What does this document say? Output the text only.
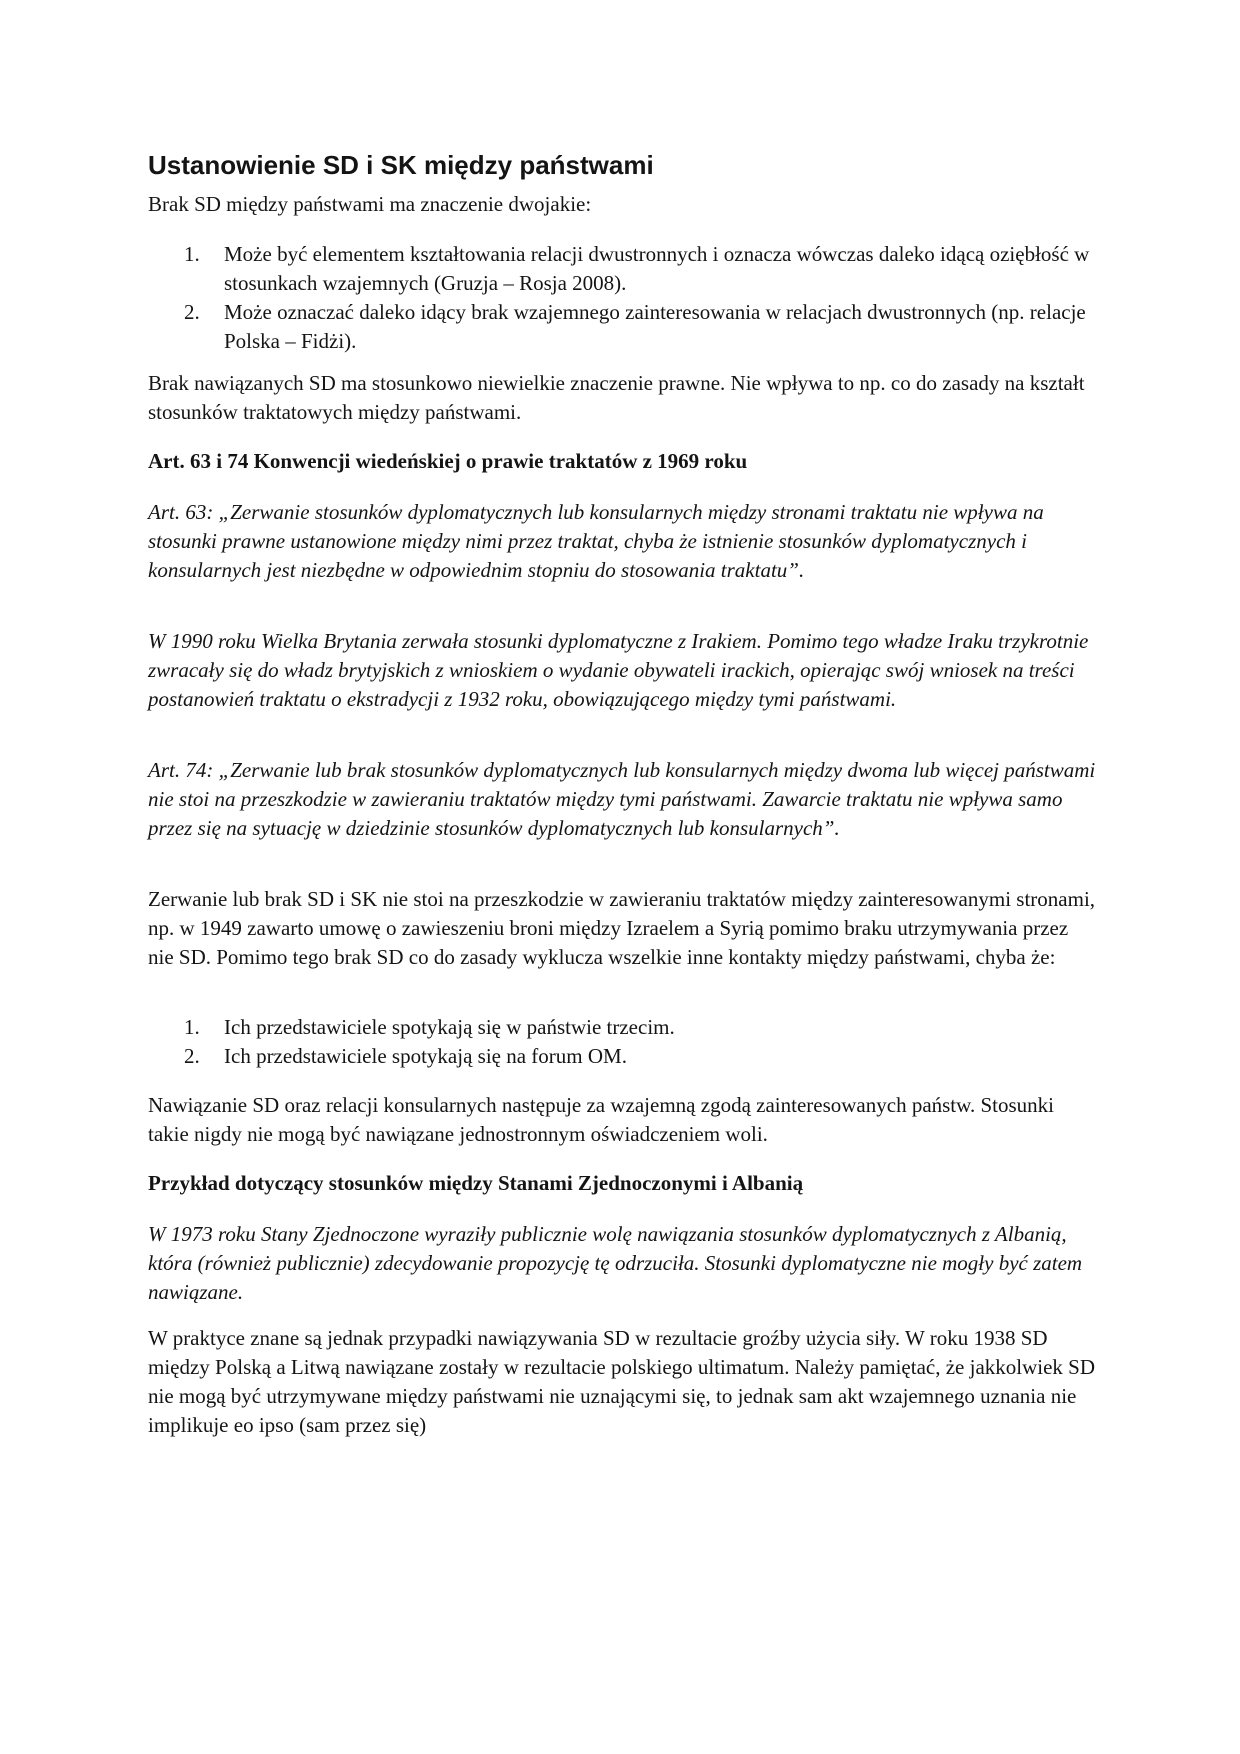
Ustanowienie SD i SK między państwami

Brak SD między państwami ma znaczenie dwojakie:

1. Może być elementem kształtowania relacji dwustronnych i oznacza wówczas daleko idącą oziębłość w stosunkach wzajemnych (Gruzja – Rosja 2008).
2. Może oznaczać daleko idący brak wzajemnego zainteresowania w relacjach dwustronnych (np. relacje Polska – Fidżi).

Brak nawiązanych SD ma stosunkowo niewielkie znaczenie prawne. Nie wpływa to np. co do zasady na kształt stosunków traktatowych między państwami.

Art. 63 i 74 Konwencji wiedeńskiej o prawie traktatów z 1969 roku

Art. 63: „Zerwanie stosunków dyplomatycznych lub konsularnych między stronami traktatu nie wpływa na stosunki prawne ustanowione między nimi przez traktat, chyba że istnienie stosunków dyplomatycznych i konsularnych jest niezbędne w odpowiednim stopniu do stosowania traktatu”.

W 1990 roku Wielka Brytania zerwała stosunki dyplomatyczne z Irakiem. Pomimo tego władze Iraku trzykrotnie zwracały się do władz brytyjskich z wnioskiem o wydanie obywateli irackich, opierając swój wniosek na treści postanowień traktatu o ekstradycji z 1932 roku, obowiązującego między tymi państwami.

Art. 74: „Zerwanie lub brak stosunków dyplomatycznych lub konsularnych między dwoma lub więcej państwami nie stoi na przeszkodzie w zawieraniu traktatów między tymi państwami. Zawarcie traktatu nie wpływa samo przez się na sytuację w dziedzinie stosunków dyplomatycznych lub konsularnych”.

Zerwanie lub brak SD i SK nie stoi na przeszkodzie w zawieraniu traktatów między zainteresowanymi stronami, np. w 1949 zawarto umowę o zawieszeniu broni między Izraelem a Syrią pomimo braku utrzymywania przez nie SD. Pomimo tego brak SD co do zasady wyklucza wszelkie inne kontakty między państwami, chyba że:

1. Ich przedstawiciele spotykają się w państwie trzecim.
2. Ich przedstawiciele spotykają się na forum OM.

Nawiązanie SD oraz relacji konsularnych następuje za wzajemną zgodą zainteresowanych państw. Stosunki takie nigdy nie mogą być nawiązane jednostronnym oświadczeniem woli.

Przykład dotyczący stosunków między Stanami Zjednoczonymi i Albanią

W 1973 roku Stany Zjednoczone wyraziły publicznie wolę nawiązania stosunków dyplomatycznych z Albanią, która (również publicznie) zdecydowanie propozycję tę odrzuciła. Stosunki dyplomatyczne nie mogły być zatem nawiązane.

W praktyce znane są jednak przypadki nawiązywania SD w rezultacie groźby użycia siły. W roku 1938 SD między Polską a Litwą nawiązane zostały w rezultacie polskiego ultimatum. Należy pamiętać, że jakkolwiek SD nie mogą być utrzymywane między państwami nie uznającymi się, to jednak sam akt wzajemnego uznania nie implikuje eo ipso (sam przez się)
